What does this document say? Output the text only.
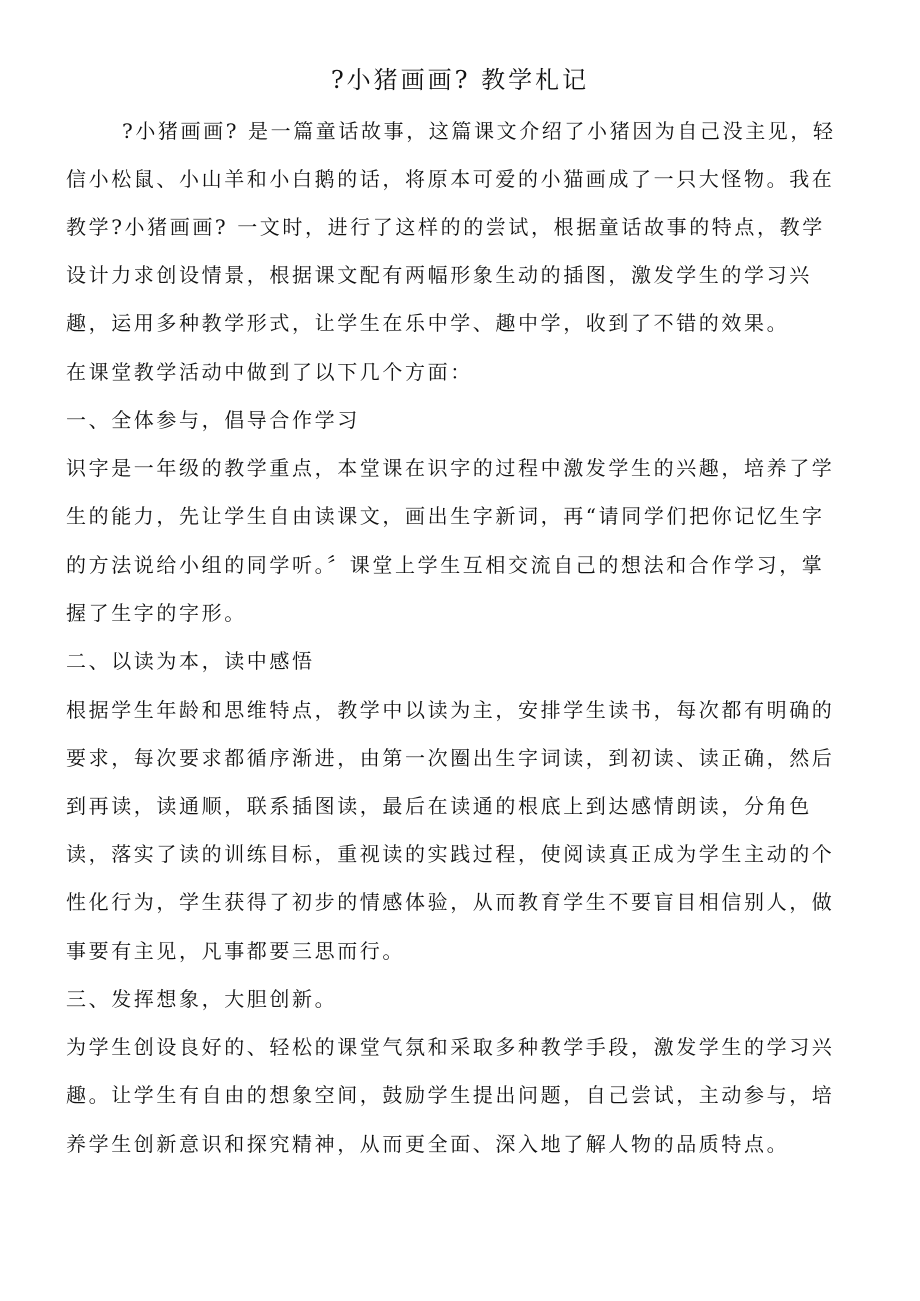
?小猪画画? 教学札记
?小猪画画? 是一篇童话故事，这篇课文介绍了小猪因为自己没主见，轻
信小松鼠、小山羊和小白鹅的话，将原本可爱的小猫画成了一只大怪物。我在
教学?小猪画画? 一文时，进行了这样的的尝试，根据童话故事的特点，教学
设计力求创设情景，根据课文配有两幅形象生动的插图，激发学生的学习兴
趣，运用多种教学形式，让学生在乐中学、趣中学，收到了不错的效果。
在课堂教学活动中做到了以下几个方面：
一、全体参与，倡导合作学习
识字是一年级的教学重点，本堂课在识字的过程中激发学生的兴趣，培养了学
生的能力，先让学生自由读课文，画出生字新词，再“请同学们把你记忆生字
的方法说给小组的同学听。〞课堂上学生互相交流自己的想法和合作学习，掌
握了生字的字形。
二、以读为本，读中感悟
根据学生年龄和思维特点，教学中以读为主，安排学生读书，每次都有明确的
要求，每次要求都循序渐进，由第一次圈出生字词读，到初读、读正确，然后
到再读，读通顺，联系插图读，最后在读通的根底上到达感情朗读，分角色
读，落实了读的训练目标，重视读的实践过程，使阅读真正成为学生主动的个
性化行为，学生获得了初步的情感体验，从而教育学生不要盲目相信别人，做
事要有主见，凡事都要三思而行。
三、发挥想象，大胆创新。
为学生创设良好的、轻松的课堂气氛和采取多种教学手段，激发学生的学习兴
趣。让学生有自由的想象空间，鼓励学生提出问题，自己尝试，主动参与，培
养学生创新意识和探究精神，从而更全面、深入地了解人物的品质特点。
